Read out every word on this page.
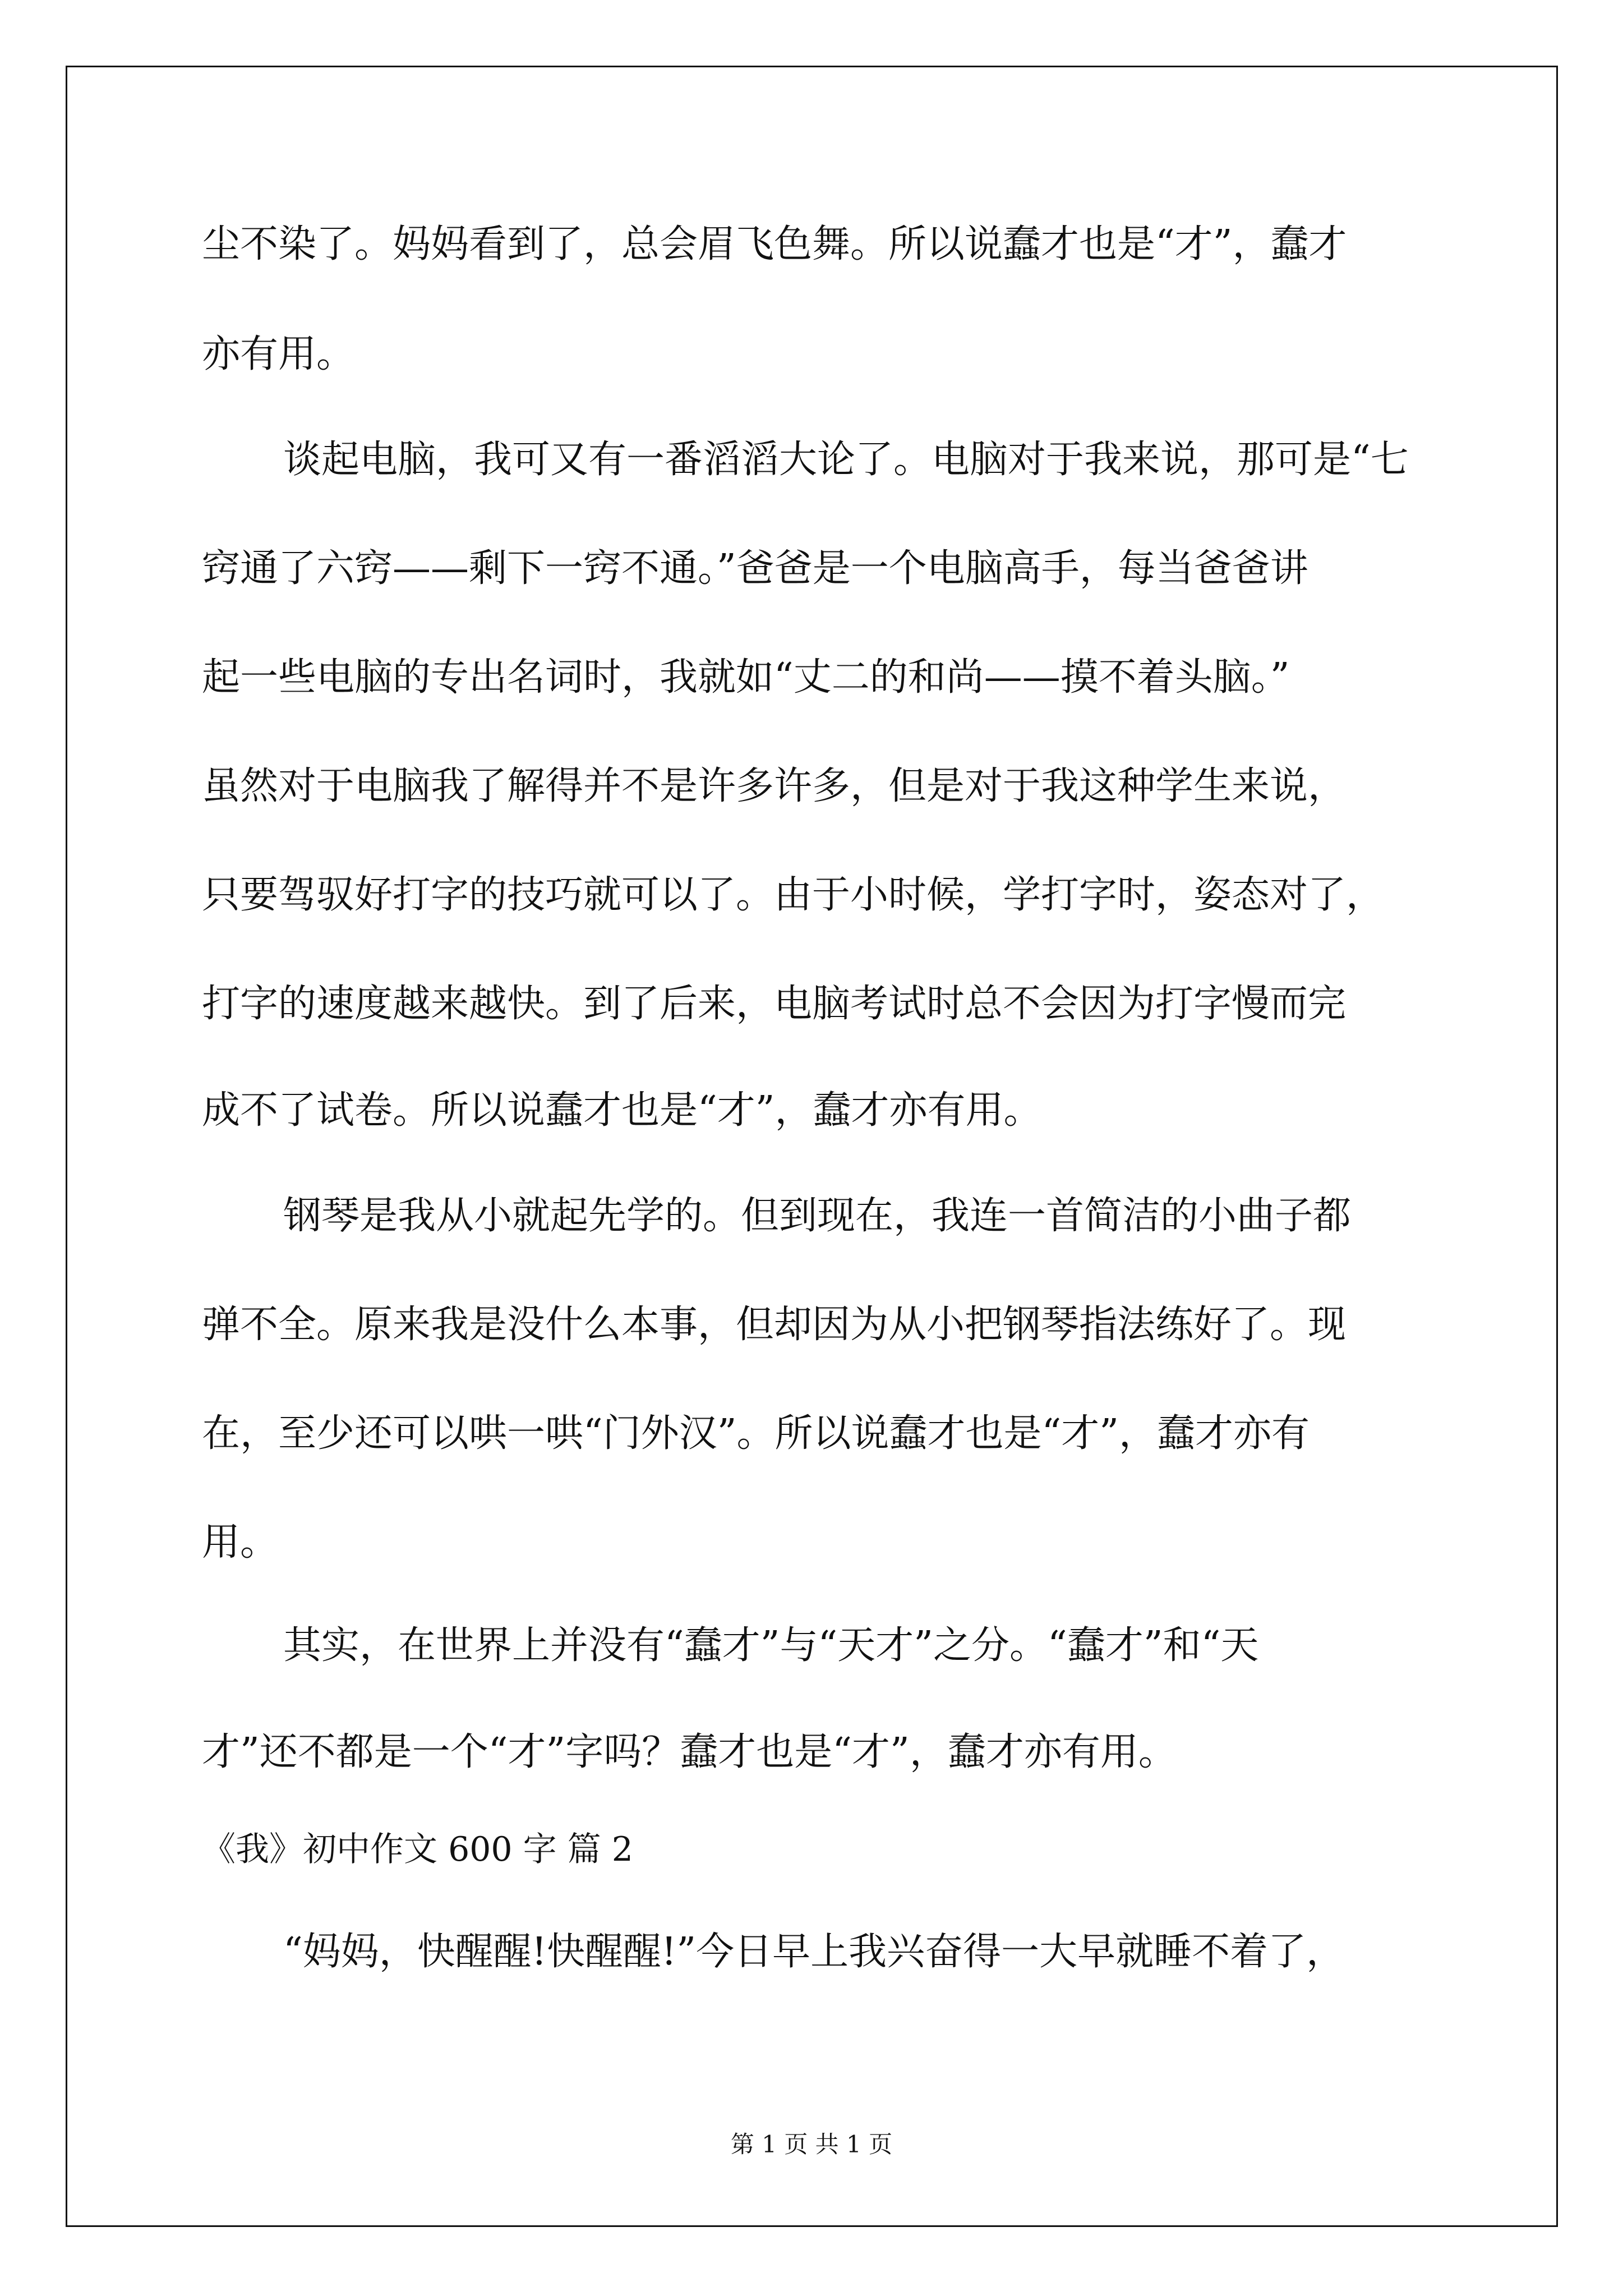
尘不染了。妈妈看到了，总会眉飞色舞。所以说蠢才也是“才”，蠢才
亦有用。
谈起电脑，我可又有一番滔滔大论了。电脑对于我来说，那可是“七
窍通了六窍——剩下一窍不通。”爸爸是一个电脑高手，每当爸爸讲
起一些电脑的专出名词时，我就如“丈二的和尚——摸不着头脑。”
虽然对于电脑我了解得并不是许多许多，但是对于我这种学生来说，
只要驾驭好打字的技巧就可以了。由于小时候，学打字时，姿态对了，
打字的速度越来越快。到了后来，电脑考试时总不会因为打字慢而完
成不了试卷。所以说蠢才也是“才”，蠢才亦有用。
钢琴是我从小就起先学的。但到现在，我连一首简洁的小曲子都
弹不全。原来我是没什么本事，但却因为从小把钢琴指法练好了。现
在，至少还可以哄一哄“门外汉”。所以说蠢才也是“才”，蠢才亦有
用。
其实，在世界上并没有“蠢才”与“天才”之分。“蠢才”和“天
才”还不都是一个“才”字吗？蠢才也是“才”，蠢才亦有用。
《我》初中作文 600 字 篇 2
“妈妈，快醒醒!快醒醒!”今日早上我兴奋得一大早就睡不着了，
第 1 页 共 1 页
